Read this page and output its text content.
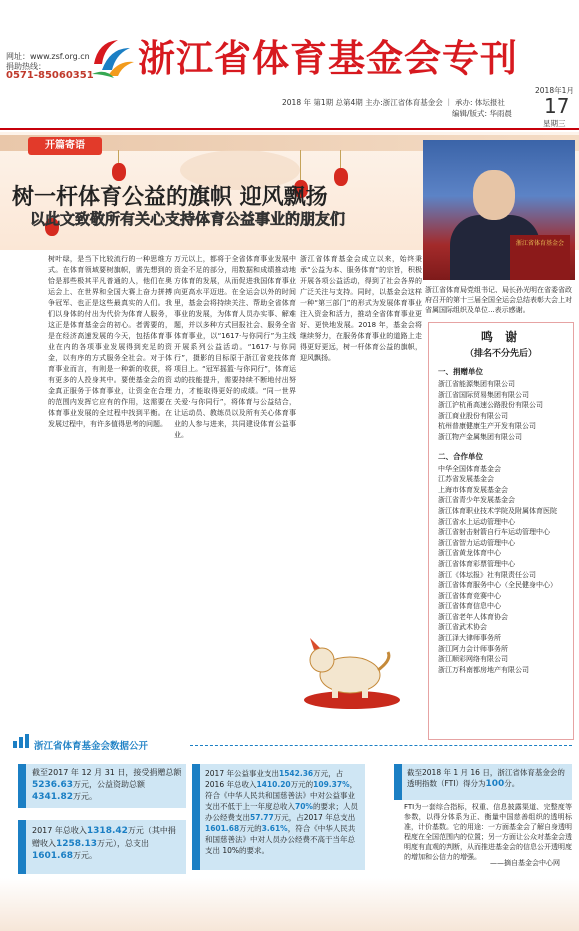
网址：www.zsf.org.cn
捐助热线：
0571-85060351 浙江省体育基金会专刊
2018 年 第1期 总第4期 主办:浙江省体育基金会 ｜ 承办: 体坛报社
编辑/版式: 华雨晨
2018年1月
17
星期三
开篇寄语
树一杆体育公益的旗帜 迎风飘扬
以此文致敬所有关心支持体育公益事业的朋友们
浙江省体育基金会
浙江省体育局党组书记、局长孙光明在省委省政府召开的第十三届全国全运会总结表彰大会上对省属国际组织及单位...表示感谢。
树叶绿，是当下比较流行的一种思维方式。在体育领域要树旗帜，需先想到的恰是那些极其平凡普通的人，他们在奥运会上、在世界和全国大赛上奋力拼搏争冠军、也正是这些最真实的人们。我们以身体的付出为代价为体育人服务，这正是体育基金会的初心。者需要的，是在经济高速发展的今天，包括体育事业在内的各项事业发展得到充足的资金，以有序的方式服务全社会。对于体育事业而言，有则是一种新的收获，将有更多的人投身其中。要使基金会的资金真正服务于体育事业，让资金在合理的范围内发挥它应有的作用，这需要在体育事业发展的全过程中找到平衡。在发展过程中，有许多值得思考的问题。
万元以上，都将于全省体育事业发展中资金不足的部分，用数据和成绩推动地方体育的发展，从而促进我国体育事业向更高水平迈进。在全运会以外的时间里，基金会将持续关注、帮助全省体育事业的发展，为体育人员办实事、解难题，并以多种方式回报社会、服务全省体育事业，以“1617·与你同行”为主线开展系列公益活动。“1617·与你同行”，摄影的目标原于浙江省竞技体育项目上。“冠军摇篮·与你同行”，体育运动的技能提升，需要持续不断地付出努力，才能取得更好的成绩。“同一世界关爱·与你同行”，将体育与公益结合，让运动员、教练员以及所有关心体育事业的人参与进来，共同建设体育公益事业。
浙江省体育基金会成立以来，始终秉承“公益为本、服务体育”的宗旨，积极开展各项公益活动，得到了社会各界的广泛关注与支持。同时，以基金会这样一种“第三部门”的形式为发展体育事业注入资金和活力，推动全省体育事业更好、更快地发展。2018 年，基金会将继续努力，在服务体育事业的道路上走得更好更远，树一杆体育公益的旗帜，迎风飘扬。
鸣 谢
（排名不分先后）
一、捐赠单位
浙江省能源集团有限公司
浙江省国际贸易集团有限公司
浙江沪杭甬高速公路股份有限公司
浙江商业股份有限公司
杭州普康健康生产开发有限公司
浙江物产金属集团有限公司
二、合作单位
中华全国体育基金会
江苏省发展基金会
上海市体育发展基金会
浙江省青少年发展基金会
浙江体育职业技术学院及附属体育医院
浙江省水上运动管理中心
浙江省射击射箭自行车运动管理中心
浙江省智力运动管理中心
浙江省黄龙体育中心
浙江省体育彩票管理中心
浙江《体坛报》社有限责任公司
浙江省体育服务中心（全民健身中心）
浙江省体育竞赛中心
浙江省体育信息中心
浙江省老年人体育协会
浙江省武术协会
浙江泽大律师事务所
浙江阿力会计师事务所
浙江顺彩网络有限公司
浙江万科南都房地产有限公司
浙江省体育基金会数据公开
截至2017 年 12 月 31 日，接受捐赠总额5236.63万元，公益资助总额4341.82万元。
2017 年总收入1318.42万元（其中捐赠收入1258.13万元），总支出1601.68万元。
2017 年公益事业支出1542.36万元，占2016 年总收入1410.20万元的109.37%，符合《中华人民共和国慈善法》中对公益事业支出不低于上一年度总收入70%的要求；人员办公经费支出57.77万元，占2017 年总支出1601.68万元的3.61%，符合《中华人民共和国慈善法》中对人员办公经费不高于当年总支出 10%的要求。
截至2018 年 1 月 16 日，浙江省体育基金会的透明指数（FTI）得分为100分。
FTI为一套综合指标，权重、信息披露渠道、完整度等参数，以得分体系为正、衡量中国慈善组织的透明标准，计价基数。它的用途：一方面基金会了解自身透明程度在全国范围内的位置；另一方面让公众对基金会透明度有直观的判断，从而推进基金会的信息公开透明度的增加和公信力的增强。
——摘自基金会中心网
